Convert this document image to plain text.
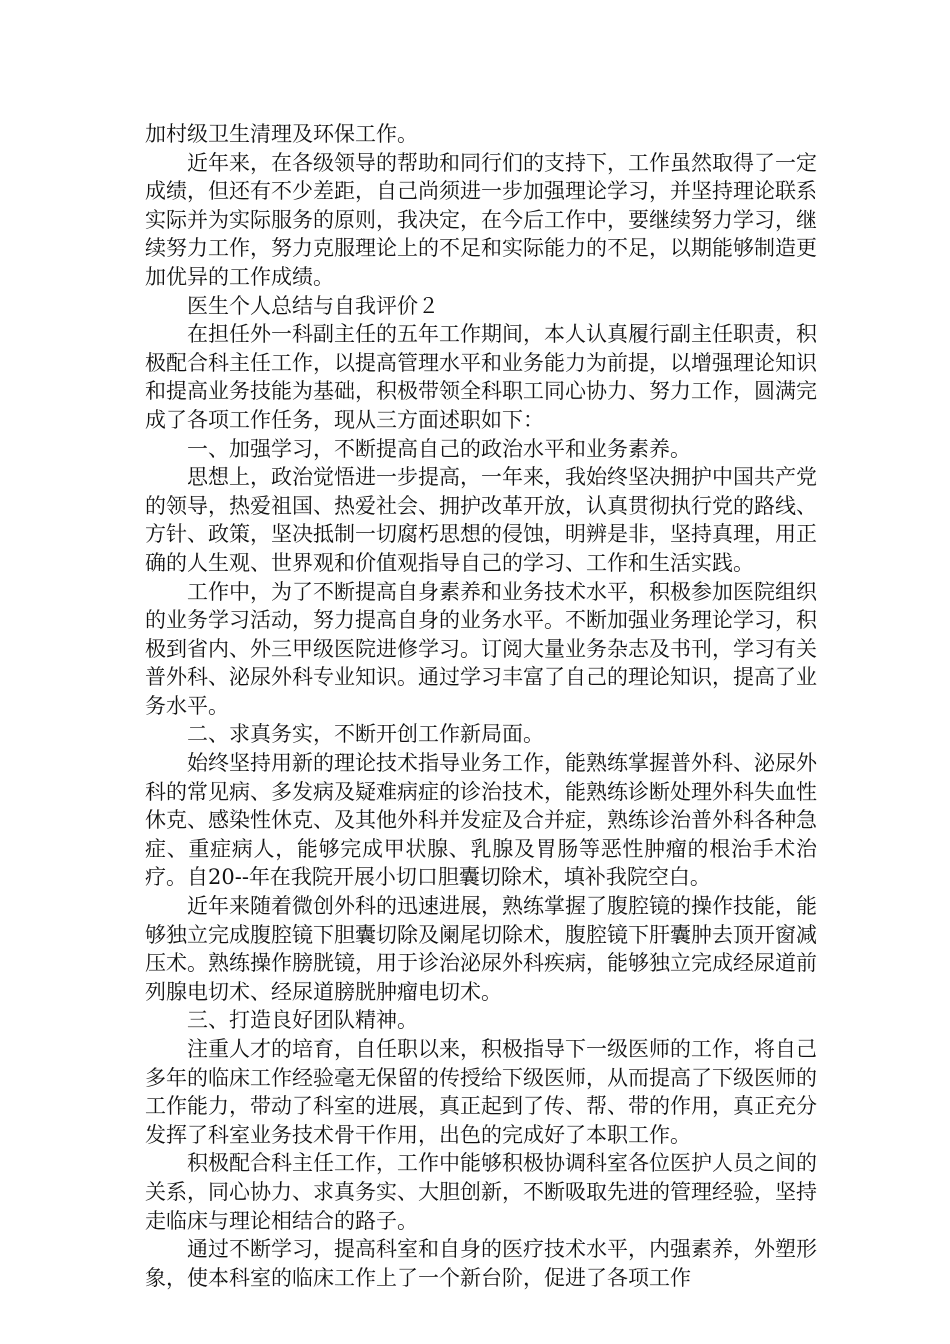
加村级卫生清理及环保工作。

近年来，在各级领导的帮助和同行们的支持下，工作虽然取得了一定成绩，但还有不少差距，自己尚须进一步加强理论学习，并坚持理论联系实际并为实际服务的原则，我决定，在今后工作中，要继续努力学习，继续努力工作，努力克服理论上的不足和实际能力的不足，以期能够制造更加优异的工作成绩。

医生个人总结与自我评价２

在担任外一科副主任的五年工作期间，本人认真履行副主任职责，积极配合科主任工作，以提高管理水平和业务能力为前提，以增强理论知识和提高业务技能为基础，积极带领全科职工同心协力、努力工作，圆满完成了各项工作任务，现从三方面述职如下：

一、加强学习，不断提高自己的政治水平和业务素养。

思想上，政治觉悟进一步提高，一年来，我始终坚决拥护中国共产党的领导，热爱祖国、热爱社会、拥护改革开放，认真贯彻执行党的路线、方针、政策，坚决抵制一切腐朽思想的侵蚀，明辨是非，坚持真理，用正确的人生观、世界观和价值观指导自己的学习、工作和生活实践。

工作中，为了不断提高自身素养和业务技术水平，积极参加医院组织的业务学习活动，努力提高自身的业务水平。不断加强业务理论学习，积极到省内、外三甲级医院进修学习。订阅大量业务杂志及书刊，学习有关普外科、泌尿外科专业知识。通过学习丰富了自己的理论知识，提高了业务水平。

二、求真务实，不断开创工作新局面。

始终坚持用新的理论技术指导业务工作，能熟练掌握普外科、泌尿外科的常见病、多发病及疑难病症的诊治技术，能熟练诊断处理外科失血性休克、感染性休克、及其他外科并发症及合并症，熟练诊治普外科各种急症、重症病人，能够完成甲状腺、乳腺及胃肠等恶性肿瘤的根治手术治疗。自20--年在我院开展小切口胆囊切除术，填补我院空白。

近年来随着微创外科的迅速进展，熟练掌握了腹腔镜的操作技能，能够独立完成腹腔镜下胆囊切除及阑尾切除术，腹腔镜下肝囊肿去顶开窗减压术。熟练操作膀胱镜，用于诊治泌尿外科疾病，能够独立完成经尿道前列腺电切术、经尿道膀胱肿瘤电切术。

三、打造良好团队精神。

注重人才的培育，自任职以来，积极指导下一级医师的工作，将自己多年的临床工作经验毫无保留的传授给下级医师，从而提高了下级医师的工作能力，带动了科室的进展，真正起到了传、帮、带的作用，真正充分发挥了科室业务技术骨干作用，出色的完成好了本职工作。

积极配合科主任工作，工作中能够积极协调科室各位医护人员之间的关系，同心协力、求真务实、大胆创新，不断吸取先进的管理经验，坚持走临床与理论相结合的路子。

通过不断学习，提高科室和自身的医疗技术水平，内强素养，外塑形象，使本科室的临床工作上了一个新台阶，促进了各项工作
